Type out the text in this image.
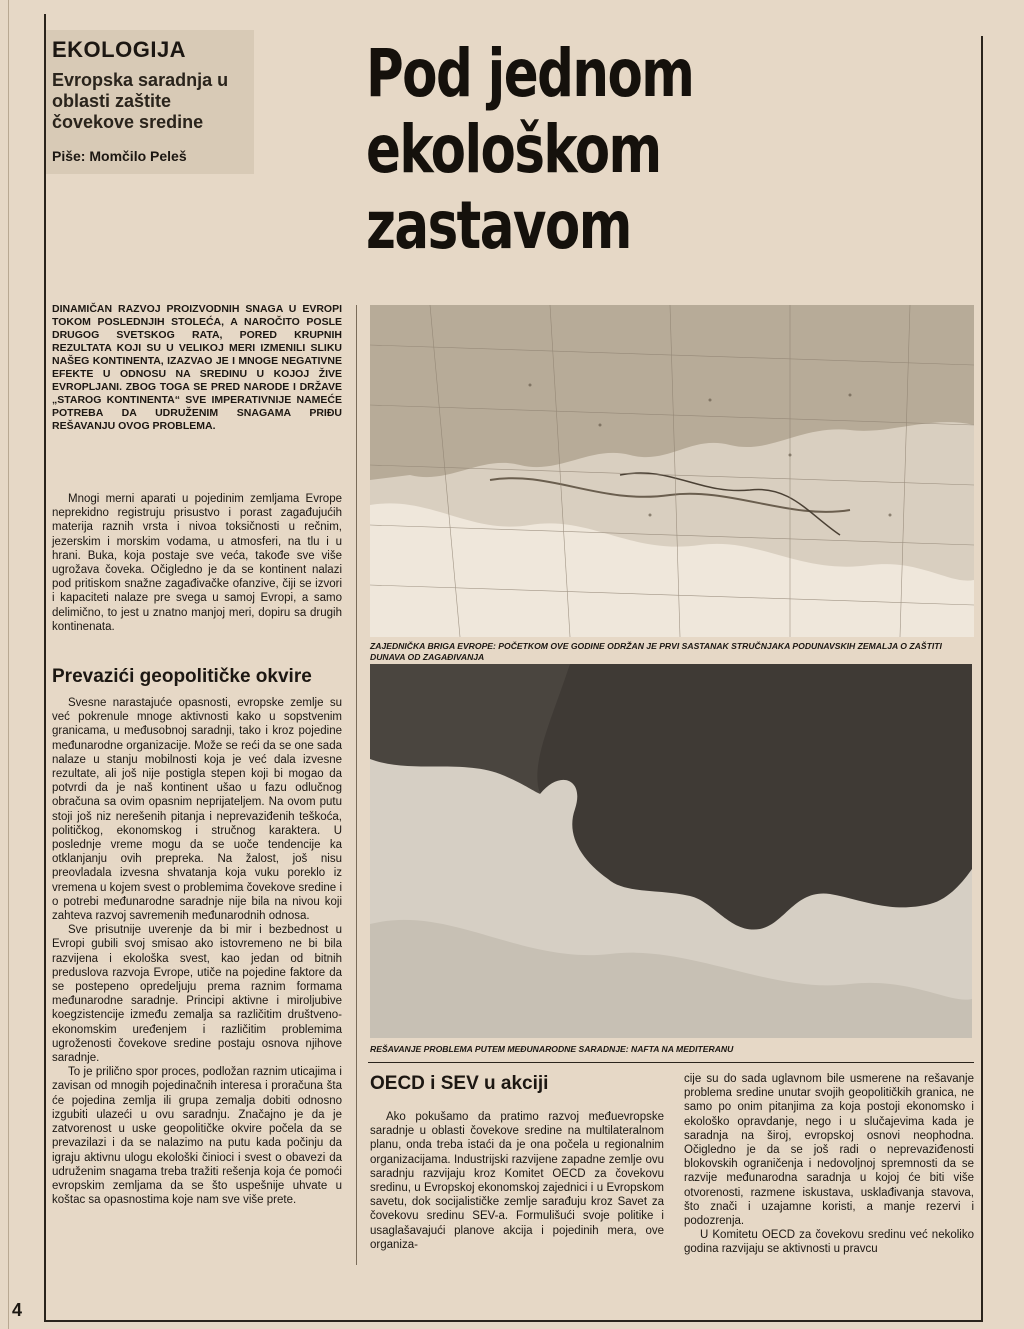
EKOLOGIJA

Evropska saradnja u oblasti zaštite čovekove sredine

Piše: Momčilo Peleš

Pod jednom ekološkom zastavom

DINAMIČAN RAZVOJ PROIZVODNIH SNAGA U EVROPI TOKOM POSLEDNJIH STOLEĆA, A NAROČITO POSLE DRUGOG SVETSKOG RATA, PORED KRUPNIH REZULTATA KOJI SU U VELIKOJ MERI IZMENILI SLIKU NAŠEG KONTINENTA, IZAZVAO JE I MNOGE NEGATIVNE EFEKTE U ODNOSU NA SREDINU U KOJOJ ŽIVE EVROPLJANI. ZBOG TOGA SE PRED NARODE I DRŽAVE „STAROG KONTINENTA“ SVE IMPERATIVNIJE NAMEĆE POTREBA DA UDRUŽENIM SNAGAMA PRIĐU REŠAVANJU OVOG PROBLEMA.

Mnogi merni aparati u pojedinim zemljama Evrope neprekidno registruju prisustvo i porast zagađujućih materija raznih vrsta i nivoa toksičnosti u rečnim, jezerskim i morskim vodama, u atmosferi, na tlu i u hrani. Buka, koja postaje sve veća, takođe sve više ugrožava čoveka. Očigledno je da se kontinent nalazi pod pritiskom snažne zagađivačke ofanzive, čiji se izvori i kapaciteti nalaze pre svega u samoj Evropi, a samo delimično, to jest u znatno manjoj meri, dopiru sa drugih kontinenata.

Prevazići geopolitičke okvire

Svesne narastajuće opasnosti, evropske zemlje su već pokrenule mnoge aktivnosti kako u sopstvenim granicama, u međusobnoj saradnji, tako i kroz pojedine međunarodne organizacije. Može se reći da se one sada nalaze u stanju mobilnosti koja je već dala izvesne rezultate, ali još nije postigla stepen koji bi mogao da potvrdi da je naš kontinent ušao u fazu odlučnog obračuna sa ovim opasnim neprijateljem. Na ovom putu stoji još niz nerešenih pitanja i neprevaziđenih teškoća, političkog, ekonomskog i stručnog karaktera. U poslednje vreme mogu da se uoče tendencije ka otklanjanju ovih prepreka. Na žalost, još nisu preovladala izvesna shvatanja koja vuku poreklo iz vremena u kojem svest o problemima čovekove sredine i o potrebi međunarodne saradnje nije bila na nivou koji zahteva razvoj savremenih međunarodnih odnosa.

Sve prisutnije uverenje da bi mir i bezbednost u Evropi gubili svoj smisao ako istovremeno ne bi bila razvijena i ekološka svest, kao jedan od bitnih preduslova razvoja Evrope, utiče na pojedine faktore da se postepeno opredeljuju prema raznim formama međunarodne saradnje. Principi aktivne i miroljubive koegzistencije između zemalja sa različitim društveno-ekonomskim uređenjem i različitim problemima ugroženosti čovekove sredine postaju osnova njihove saradnje.

To je prilično spor proces, podložan raznim uticajima i zavisan od mnogih pojedinačnih interesa i proračuna šta će pojedina zemlja ili grupa zemalja dobiti odnosno izgubiti ulazeći u ovu saradnju. Značajno je da je zatvorenost u uske geopolitičke okvire počela da se prevazilazi i da se nalazimo na putu kada počinju da igraju aktivnu ulogu ekološki činioci i svest o obavezi da udruženim snagama treba tražiti rešenja koja će pomoći evropskim zemljama da se što uspešnije uhvate u koštac sa opasnostima koje nam sve više prete.

ZAJEDNIČKA BRIGA EVROPE: POČETKOM OVE GODINE ODRŽAN JE PRVI SASTANAK STRUČNJAKA PODUNAVSKIH ZEMALJA O ZAŠTITI DUNAVA OD ZAGAĐIVANJA

REŠAVANJE PROBLEMA PUTEM MEĐUNARODNE SARADNJE: NAFTA NA MEDITERANU

OECD i SEV u akciji

Ako pokušamo da pratimo razvoj međuevropske saradnje u oblasti čovekove sredine na multilateralnom planu, onda treba istaći da je ona počela u regionalnim organizacijama. Industrijski razvijene zapadne zemlje ovu saradnju razvijaju kroz Komitet OECD za čovekovu sredinu, u Evropskoj ekonomskoj zajednici i u Evropskom savetu, dok socijalističke zemlje sarađuju kroz Savet za čovekovu sredinu SEV-a. Formulišući svoje politike i usaglašavajući planove akcija i pojedinih mera, ove organiza-

cije su do sada uglavnom bile usmerene na rešavanje problema sredine unutar svojih geopolitičkih granica, ne samo po onim pitanjima za koja postoji ekonomsko i ekološko opravdanje, nego i u slučajevima kada je saradnja na široj, evropskoj osnovi neophodna. Očigledno je da se još radi o neprevaziđenosti blokovskih ograničenja i nedovoljnoj spremnosti da se razvije međunarodna saradnja u kojoj će biti više otvorenosti, razmene iskustava, usklađivanja stavova, što znači i uzajamne koristi, a manje rezervi i podozrenja.

U Komitetu OECD za čovekovu sredinu već nekoliko godina razvijaju se aktivnosti u pravcu

4
